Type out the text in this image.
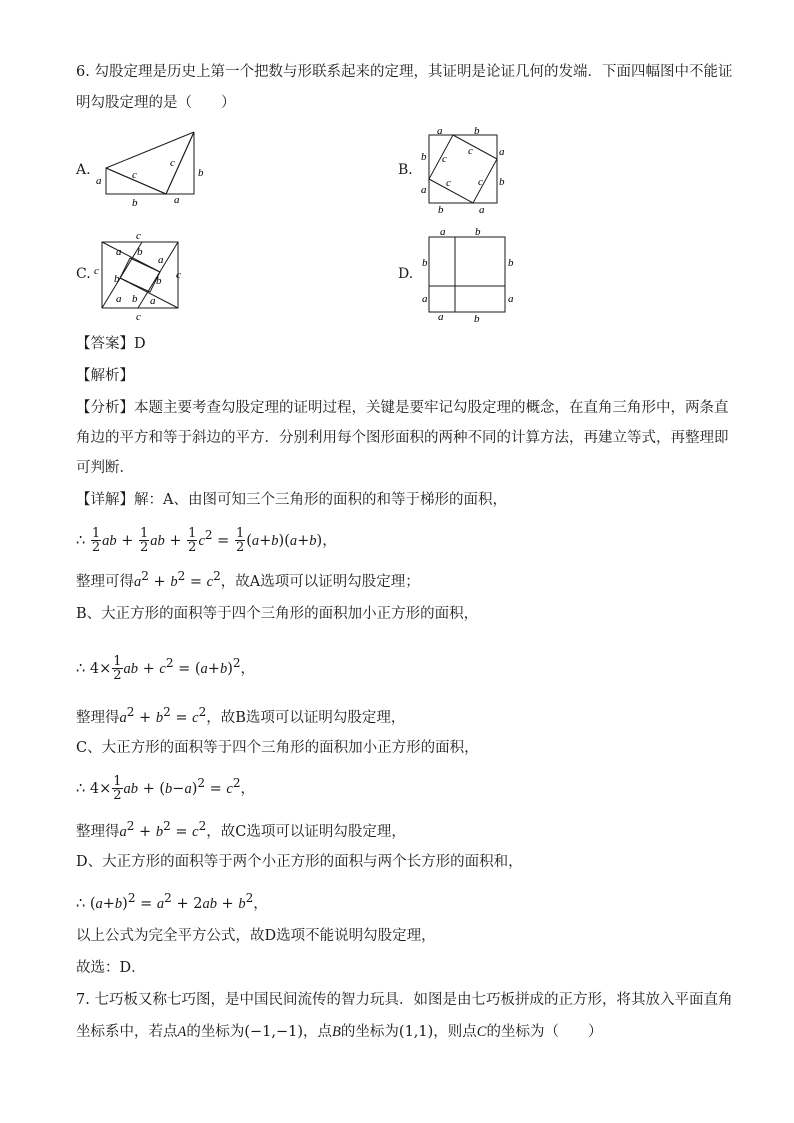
6. 勾股定理是历史上第一个把数与形联系起来的定理，其证明是论证几何的发端．下面四幅图中不能证
明勾股定理的是（　　）
A.
a	c
c
b
b	a
B.
a	b
a
b
b
a
b	a
c
c
c
c
C.
c
c	c
c
a b
a
b	b
a b a
D.
a	b
b	b
a	a
a	b
【答案】D
【解析】
【分析】本题主要考查勾股定理的证明过程，关键是要牢记勾股定理的概念，在直角三角形中，两条直
角边的平方和等于斜边的平方．分别利用每个图形面积的两种不同的计算方法，再建立等式，再整理即
可判断．
【详解】解：A、由图可知三个三角形的面积的和等于梯形的面积，
∴ $\frac{1}{2}$ ab + $\frac{1}{2}$ ab + $\frac{1}{2} c^2 = \frac{1}{2} (a+b)(a+b)$，
整理可得$a^2 + b^2 = c^2$，故A选项可以证明勾股定理；
B、大正方形的面积等于四个三角形的面积加小正方形的面积，
∴ $4\times \frac{1}{2}$ ab + $c^2 = (a+b)^2$，
整理得$a^2 + b^2 = c^2$，故B选项可以证明勾股定理，
C、大正方形的面积等于四个三角形的面积加小正方形的面积，
∴ $4\times \frac{1}{2}$ ab + $(b-a)^2 = c^2$，
整理得$a^2 + b^2 = c^2$，故C选项可以证明勾股定理，
D、大正方形的面积等于两个小正方形的面积与两个长方形的面积和，
∴ $(a+b)^2 = a^2 + 2ab + b^2$，
以上公式为完全平方公式，故D选项不能说明勾股定理，
故选：D．
7. 七巧板又称七巧图，是中国民间流传的智力玩具．如图是由七巧板拼成的正方形，将其放入平面直角
坐标系中，若点A的坐标为(−1,−1)，点B的坐标为(1,1)，则点C的坐标为（　　）
